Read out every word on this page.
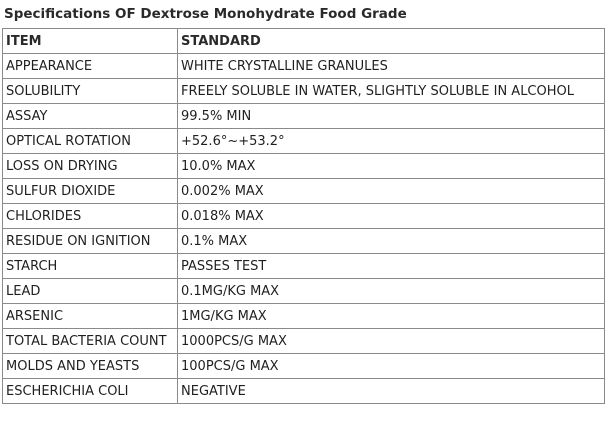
Specifications OF Dextrose Monohydrate Food Grade
ITEM	STANDARD
APPEARANCE	WHITE CRYSTALLINE GRANULES
SOLUBILITY	FREELY SOLUBLE IN WATER, SLIGHTLY SOLUBLE IN ALCOHOL
ASSAY	99.5% MIN
OPTICAL ROTATION	+52.6°~+53.2°
LOSS ON DRYING	10.0% MAX
SULFUR DIOXIDE	0.002% MAX
CHLORIDES	0.018% MAX
RESIDUE ON IGNITION	0.1% MAX
STARCH	PASSES TEST
LEAD	0.1MG/KG MAX
ARSENIC	1MG/KG MAX
TOTAL BACTERIA COUNT	1000PCS/G MAX
MOLDS AND YEASTS	100PCS/G MAX
ESCHERICHIA COLI	NEGATIVE
